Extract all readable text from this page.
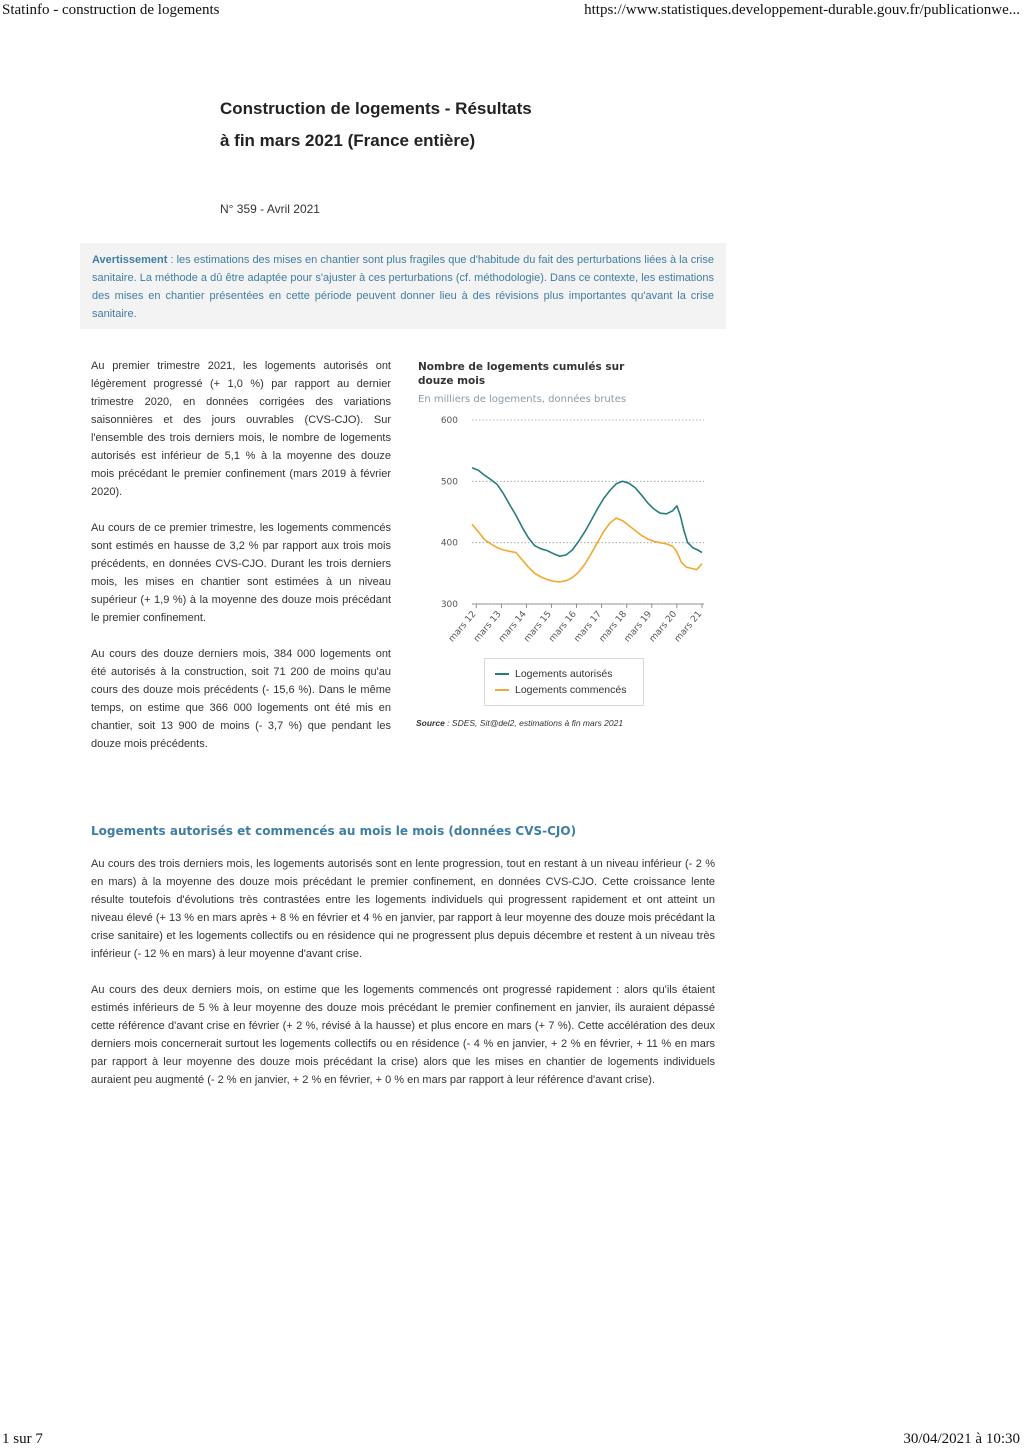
Statinfo - construction de logements	https://www.statistiques.developpement-durable.gouv.fr/publicationwe...
Construction de logements - Résultats à fin mars 2021 (France entière)
N° 359 - Avril 2021
Avertissement : les estimations des mises en chantier sont plus fragiles que d'habitude du fait des perturbations liées à la crise sanitaire. La méthode a dû être adaptée pour s'ajuster à ces perturbations (cf. méthodologie). Dans ce contexte, les estimations des mises en chantier présentées en cette période peuvent donner lieu à des révisions plus importantes qu'avant la crise sanitaire.

Au premier trimestre 2021, les logements autorisés ont légèrement progressé (+ 1,0 %) par rapport au dernier trimestre 2020, en données corrigées des variations saisonnières et des jours ouvrables (CVS-CJO). Sur l'ensemble des trois derniers mois, le nombre de logements autorisés est inférieur de 5,1 % à la moyenne des douze mois précédant le premier confinement (mars 2019 à février 2020).

Au cours de ce premier trimestre, les logements commencés sont estimés en hausse de 3,2 % par rapport aux trois mois précédents, en données CVS-CJO. Durant les trois derniers mois, les mises en chantier sont estimées à un niveau supérieur (+ 1,9 %) à la moyenne des douze mois précédant le premier confinement.

Au cours des douze derniers mois, 384 000 logements ont été autorisés à la construction, soit 71 200 de moins qu'au cours des douze mois précédents (- 15,6 %). Dans le même temps, on estime que 366 000 logements ont été mis en chantier, soit 13 900 de moins (- 3,7 %) que pendant les douze mois précédents.

Nombre de logements cumulés sur douze mois
En milliers de logements, données brutes
300
400
500
600
mars 12
mars 13
mars 14
mars 15
mars 16
mars 17
mars 18
mars 19
mars 20
mars 21
Logements autorisés
Logements commencés
Source : SDES, Sit@del2, estimations à fin mars 2021
Logements autorisés et commencés au mois le mois (données CVS-CJO)

Au cours des trois derniers mois, les logements autorisés sont en lente progression, tout en restant à un niveau inférieur (- 2 % en mars) à la moyenne des douze mois précédant le premier confinement, en données CVS-CJO. Cette croissance lente résulte toutefois d'évolutions très contrastées entre les logements individuels qui progressent rapidement et ont atteint un niveau élevé (+ 13 % en mars après + 8 % en février et 4 % en janvier, par rapport à leur moyenne des douze mois précédant la crise sanitaire) et les logements collectifs ou en résidence qui ne progressent plus depuis décembre et restent à un niveau très inférieur (- 12 % en mars) à leur moyenne d'avant crise.

Au cours des deux derniers mois, on estime que les logements commencés ont progressé rapidement : alors qu'ils étaient estimés inférieurs de 5 % à leur moyenne des douze mois précédant le premier confinement en janvier, ils auraient dépassé cette référence d'avant crise en février (+ 2 %, révisé à la hausse) et plus encore en mars (+ 7 %). Cette accélération des deux derniers mois concernerait surtout les logements collectifs ou en résidence (- 4 % en janvier, + 2 % en février, + 11 % en mars par rapport à leur moyenne des douze mois précédant la crise) alors que les mises en chantier de logements individuels auraient peu augmenté (- 2 % en janvier, + 2 % en février, + 0 % en mars par rapport à leur référence d'avant crise).

1 sur 7	30/04/2021 à 10:30
